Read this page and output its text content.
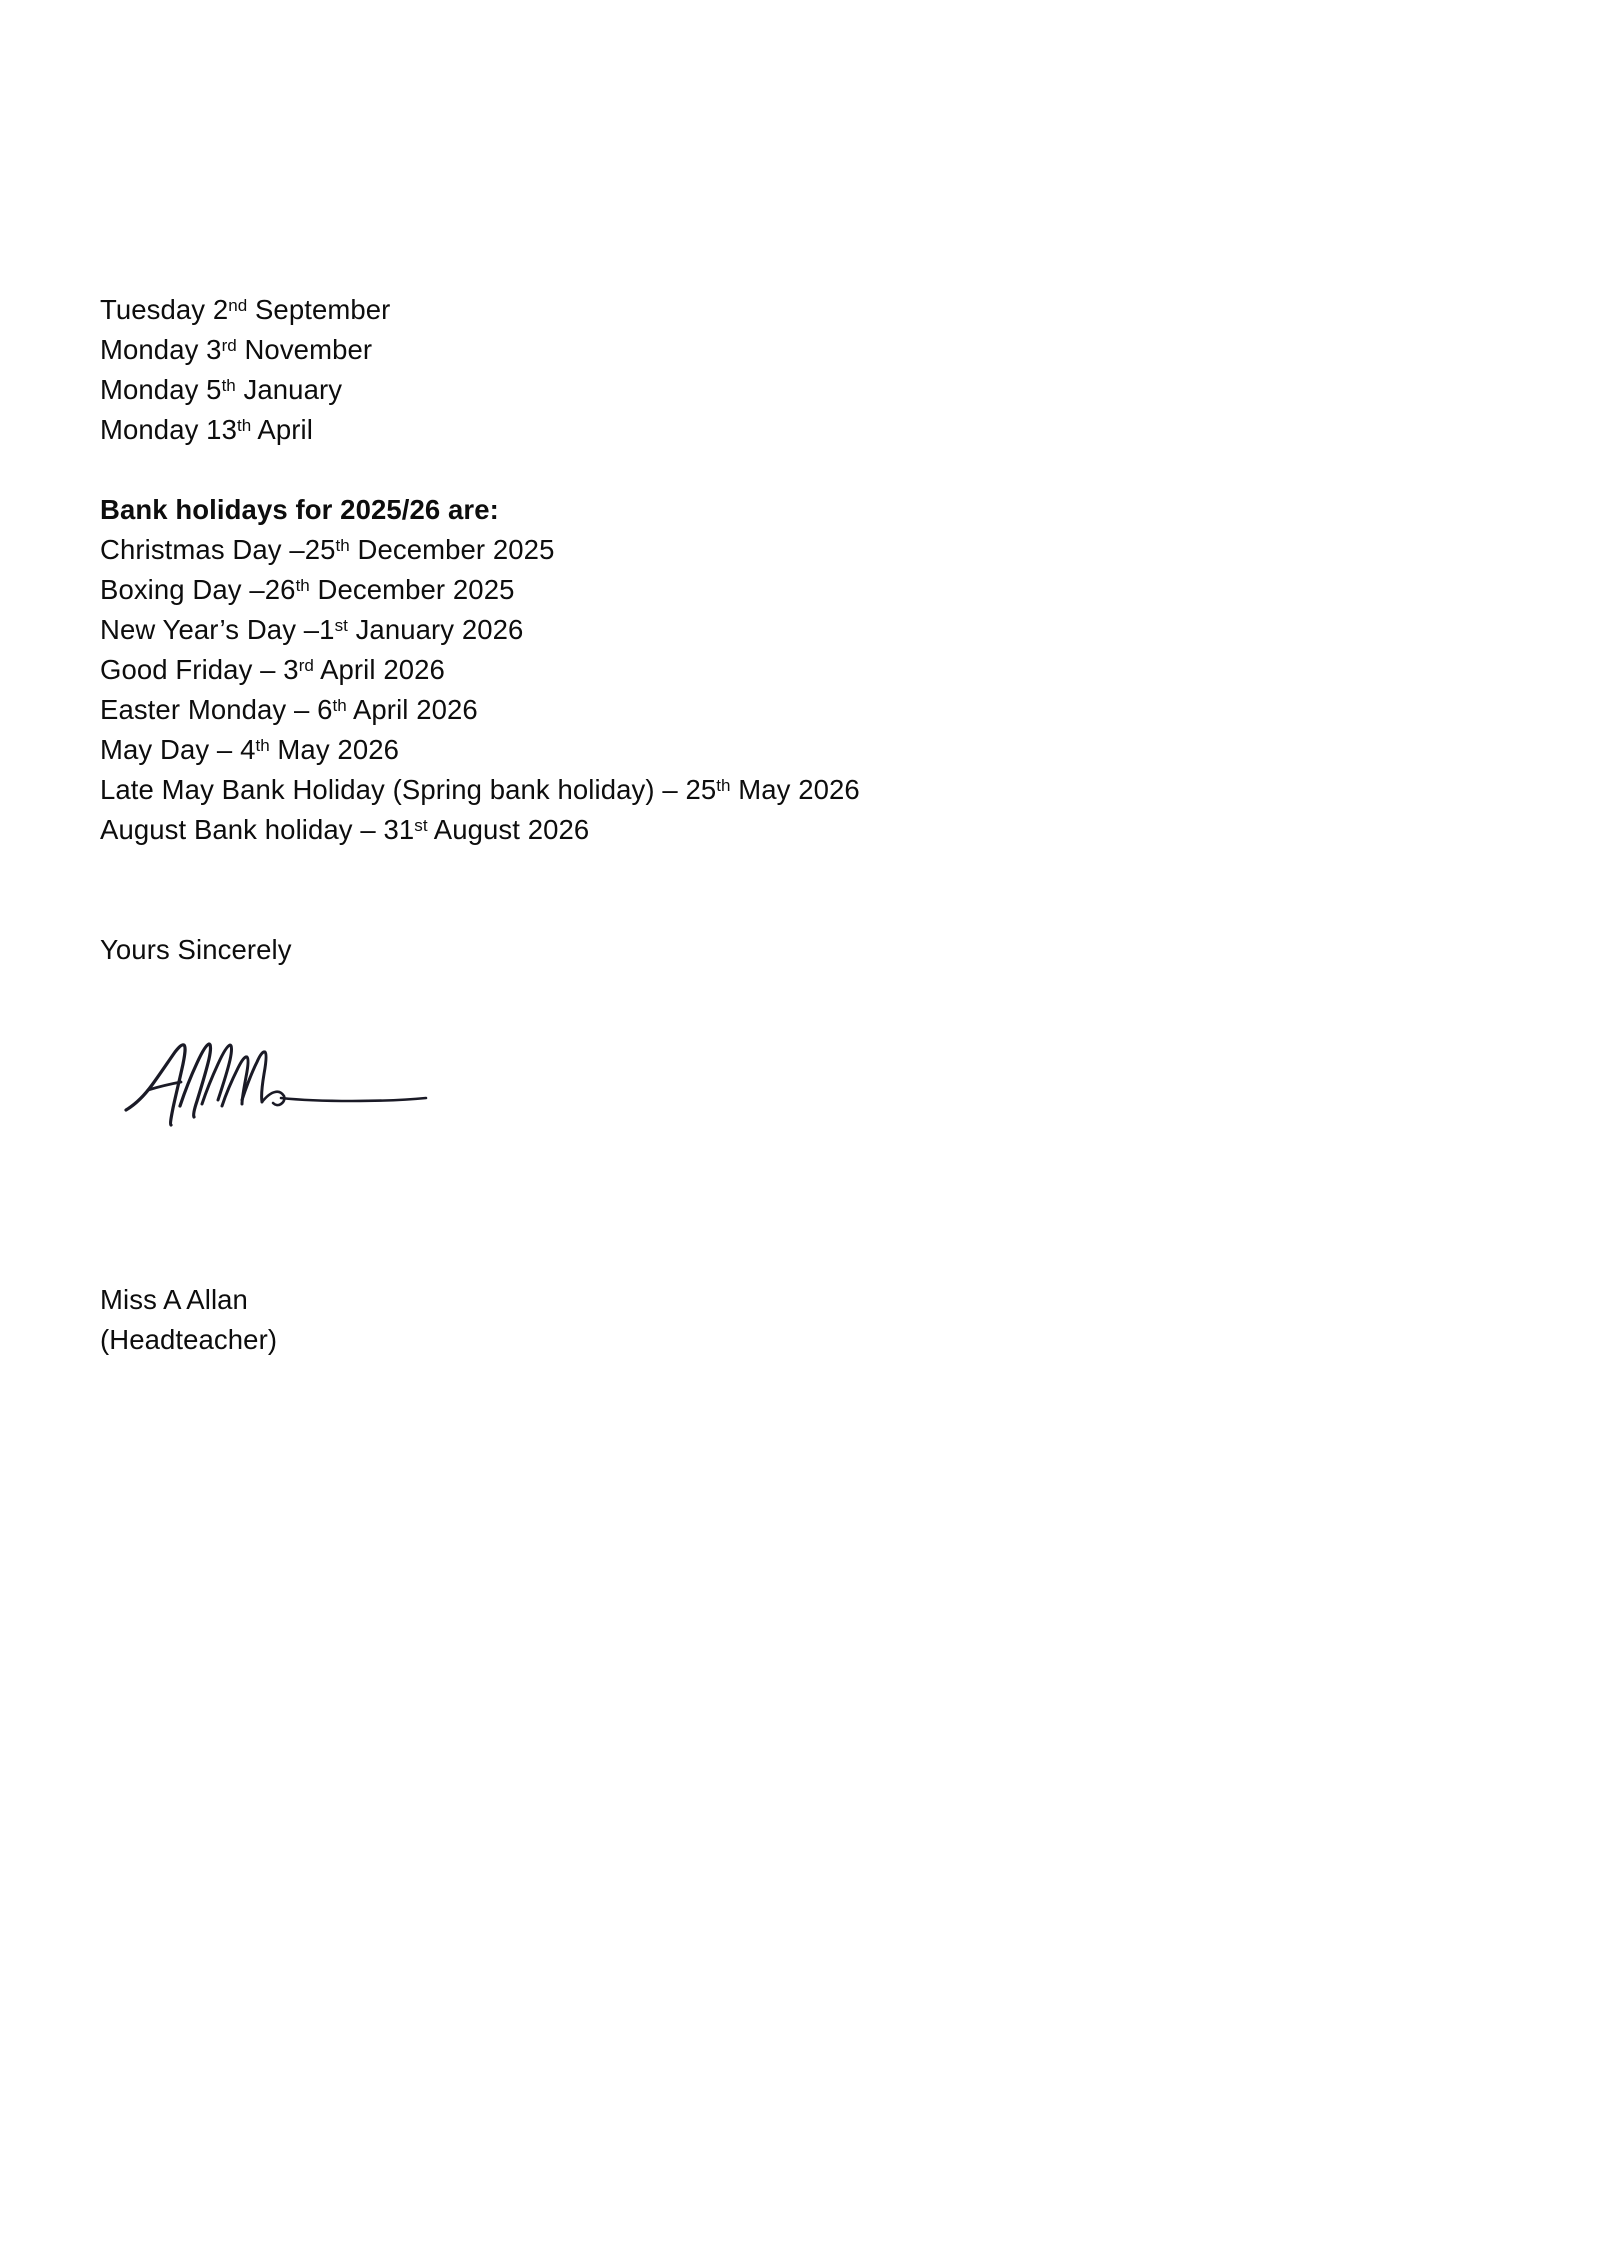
Tuesday 2nd September
Monday 3rd November
Monday 5th January
Monday 13th April
Bank holidays for 2025/26 are:
Christmas Day –25th December 2025
Boxing Day –26th December 2025
New Year’s Day –1st January 2026
Good Friday – 3rd April 2026
Easter Monday – 6th April 2026
May Day – 4th May 2026
Late May Bank Holiday (Spring bank holiday) – 25th May 2026
August Bank holiday – 31st August 2026
Yours Sincerely
Miss A Allan
(Headteacher)
